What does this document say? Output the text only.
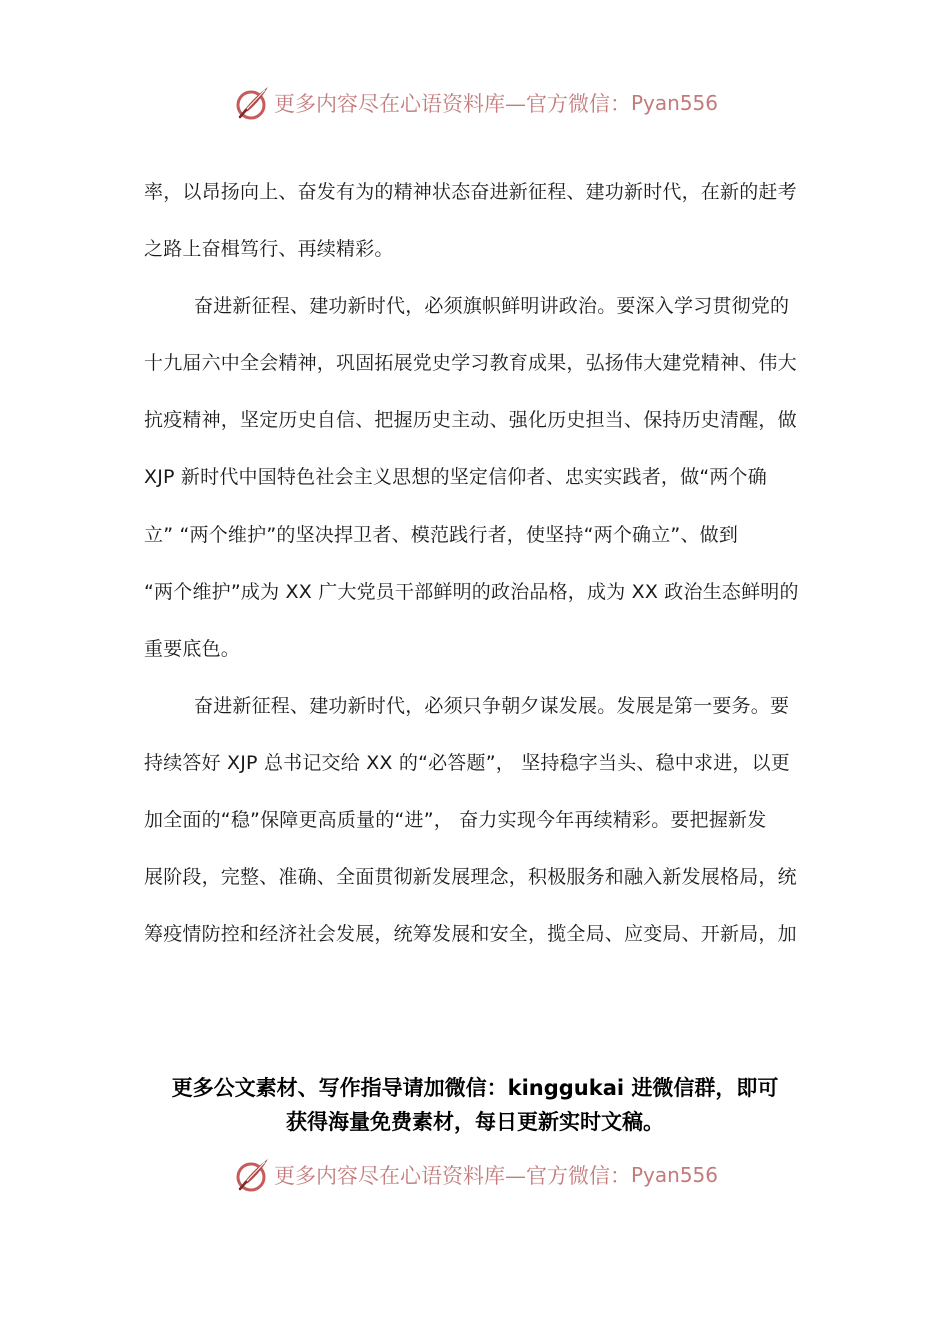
更多内容尽在心语资料库—官方微信： Pyan556
率，以昂扬向上、奋发有为的精神状态奋进新征程、建功新时代，在新的赶考
之路上奋楫笃行、再续精彩。
奋进新征程、建功新时代，必须旗帜鲜明讲政治。要深入学习贯彻党的
十九届六中全会精神，巩固拓展党史学习教育成果，弘扬伟大建党精神、伟大
抗疫精神，坚定历史自信、把握历史主动、强化历史担当、保持历史清醒，做
XJP 新时代中国特色社会主义思想的坚定信仰者、忠实实践者，做“两个确
立” “两个维护”的坚决捍卫者、模范践行者，使坚持“两个确立”、做到
“两个维护”成为 XX 广大党员干部鲜明的政治品格，成为 XX 政治生态鲜明的
重要底色。
奋进新征程、建功新时代，必须只争朝夕谋发展。发展是第一要务。要
持续答好 XJP 总书记交给 XX 的“必答题”， 坚持稳字当头、稳中求进，以更
加全面的“稳”保障更高质量的“进”， 奋力实现今年再续精彩。要把握新发
展阶段，完整、准确、全面贯彻新发展理念，积极服务和融入新发展格局，统
筹疫情防控和经济社会发展，统筹发展和安全，揽全局、应变局、开新局，加
更多公文素材、写作指导请加微信：kinggukai 进微信群，即可
获得海量免费素材，每日更新实时文稿。
更多内容尽在心语资料库—官方微信： Pyan556
